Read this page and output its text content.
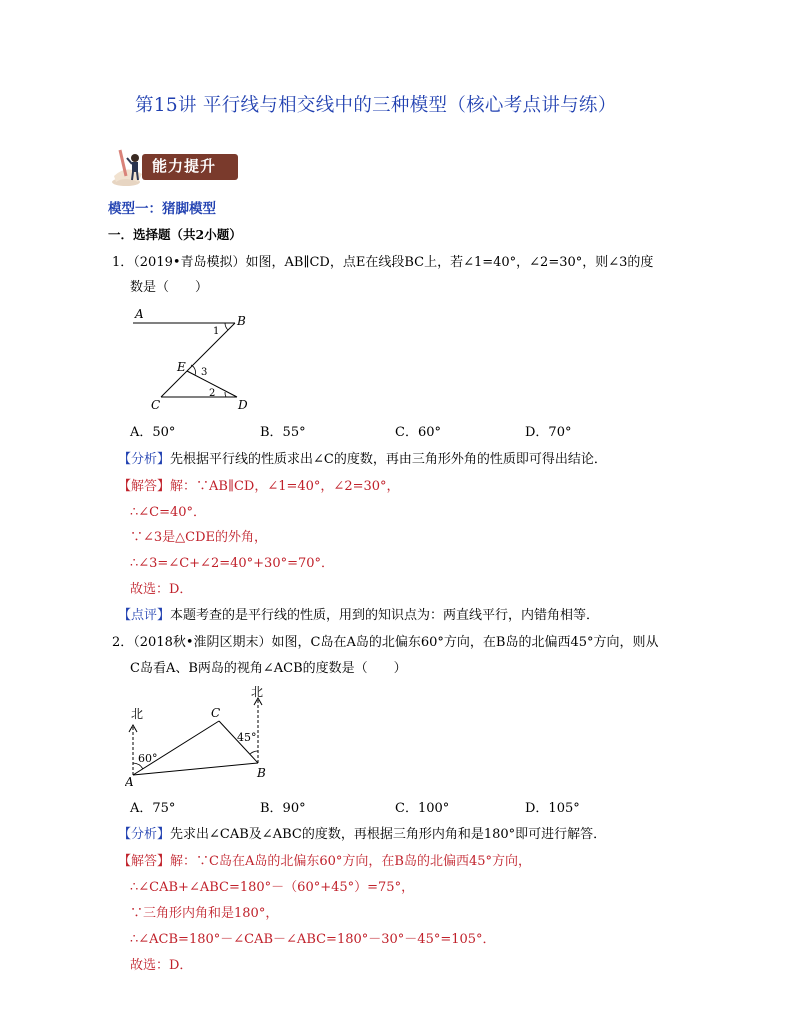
第15讲 平行线与相交线中的三种模型（核心考点讲与练）
能力提升
模型一：猪脚模型
一．选择题（共2小题）
1．（2019•青岛模拟）如图，AB∥CD，点E在线段BC上，若∠1=40°，∠2=30°，则∠3的度
数是（　　）
A	B
C	D
E
1
2
3
A．50°	B．55°	C．60°	D．70°
【分析】先根据平行线的性质求出∠C的度数，再由三角形外角的性质即可得出结论．
【解答】解：∵AB∥CD，∠1=40°，∠2=30°，
∴∠C=40°．
∵∠3是△CDE的外角，
∴∠3=∠C+∠2=40°+30°=70°．
故选：D．
【点评】本题考查的是平行线的性质，用到的知识点为：两直线平行，内错角相等．
2．（2018秋•淮阴区期末）如图，C岛在A岛的北偏东60°方向，在B岛的北偏西45°方向，则从
C岛看A、B两岛的视角∠ACB的度数是（　　）
北
北
A
B
C
60°
45°
A．75°	B．90°	C．100°	D．105°
【分析】先求出∠CAB及∠ABC的度数，再根据三角形内角和是180°即可进行解答．
【解答】解：∵C岛在A岛的北偏东60°方向，在B岛的北偏西45°方向，
∴∠CAB+∠ABC=180°－（60°+45°）=75°，
∵三角形内角和是180°，
∴∠ACB=180°－∠CAB－∠ABC=180°－30°－45°=105°．
故选：D．
